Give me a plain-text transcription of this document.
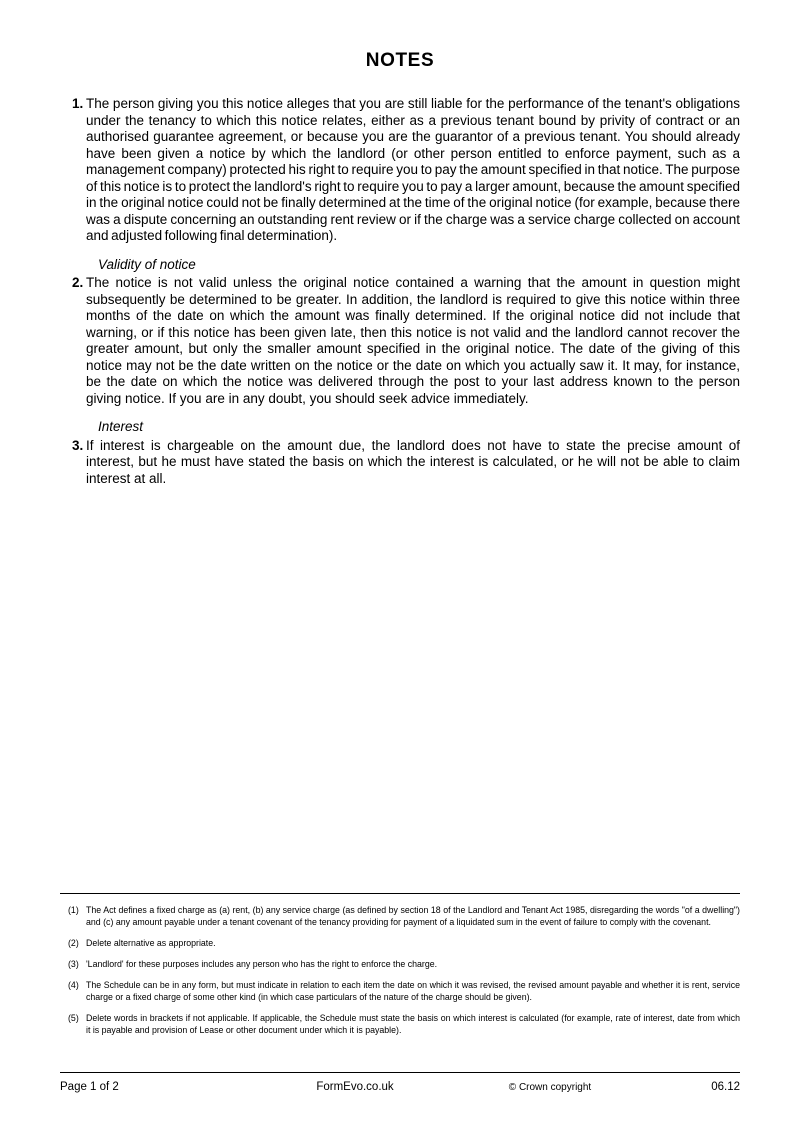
NOTES
1. The person giving you this notice alleges that you are still liable for the performance of the tenant's obligations under the tenancy to which this notice relates, either as a previous tenant bound by privity of contract or an authorised guarantee agreement, or because you are the guarantor of a previous tenant. You should already have been given a notice by which the landlord (or other person entitled to enforce payment, such as a management company) protected his right to require you to pay the amount specified in that notice. The purpose of this notice is to protect the landlord's right to require you to pay a larger amount, because the amount specified in the original notice could not be finally determined at the time of the original notice (for example, because there was a dispute concerning an outstanding rent review or if the charge was a service charge collected on account and adjusted following final determination).
Validity of notice
2. The notice is not valid unless the original notice contained a warning that the amount in question might subsequently be determined to be greater. In addition, the landlord is required to give this notice within three months of the date on which the amount was finally determined. If the original notice did not include that warning, or if this notice has been given late, then this notice is not valid and the landlord cannot recover the greater amount, but only the smaller amount specified in the original notice. The date of the giving of this notice may not be the date written on the notice or the date on which you actually saw it. It may, for instance, be the date on which the notice was delivered through the post to your last address known to the person giving notice. If you are in any doubt, you should seek advice immediately.
Interest
3. If interest is chargeable on the amount due, the landlord does not have to state the precise amount of interest, but he must have stated the basis on which the interest is calculated, or he will not be able to claim interest at all.
(1) The Act defines a fixed charge as (a) rent, (b) any service charge (as defined by section 18 of the Landlord and Tenant Act 1985, disregarding the words "of a dwelling") and (c) any amount payable under a tenant covenant of the tenancy providing for payment of a liquidated sum in the event of failure to comply with the covenant.
(2) Delete alternative as appropriate.
(3) 'Landlord' for these purposes includes any person who has the right to enforce the charge.
(4) The Schedule can be in any form, but must indicate in relation to each item the date on which it was revised, the revised amount payable and whether it is rent, service charge or a fixed charge of some other kind (in which case particulars of the nature of the charge should be given).
(5) Delete words in brackets if not applicable. If applicable, the Schedule must state the basis on which interest is calculated (for example, rate of interest, date from which it is payable and provision of Lease or other document under which it is payable).
Page 1 of 2	FormEvo.co.uk	© Crown copyright	06.12
